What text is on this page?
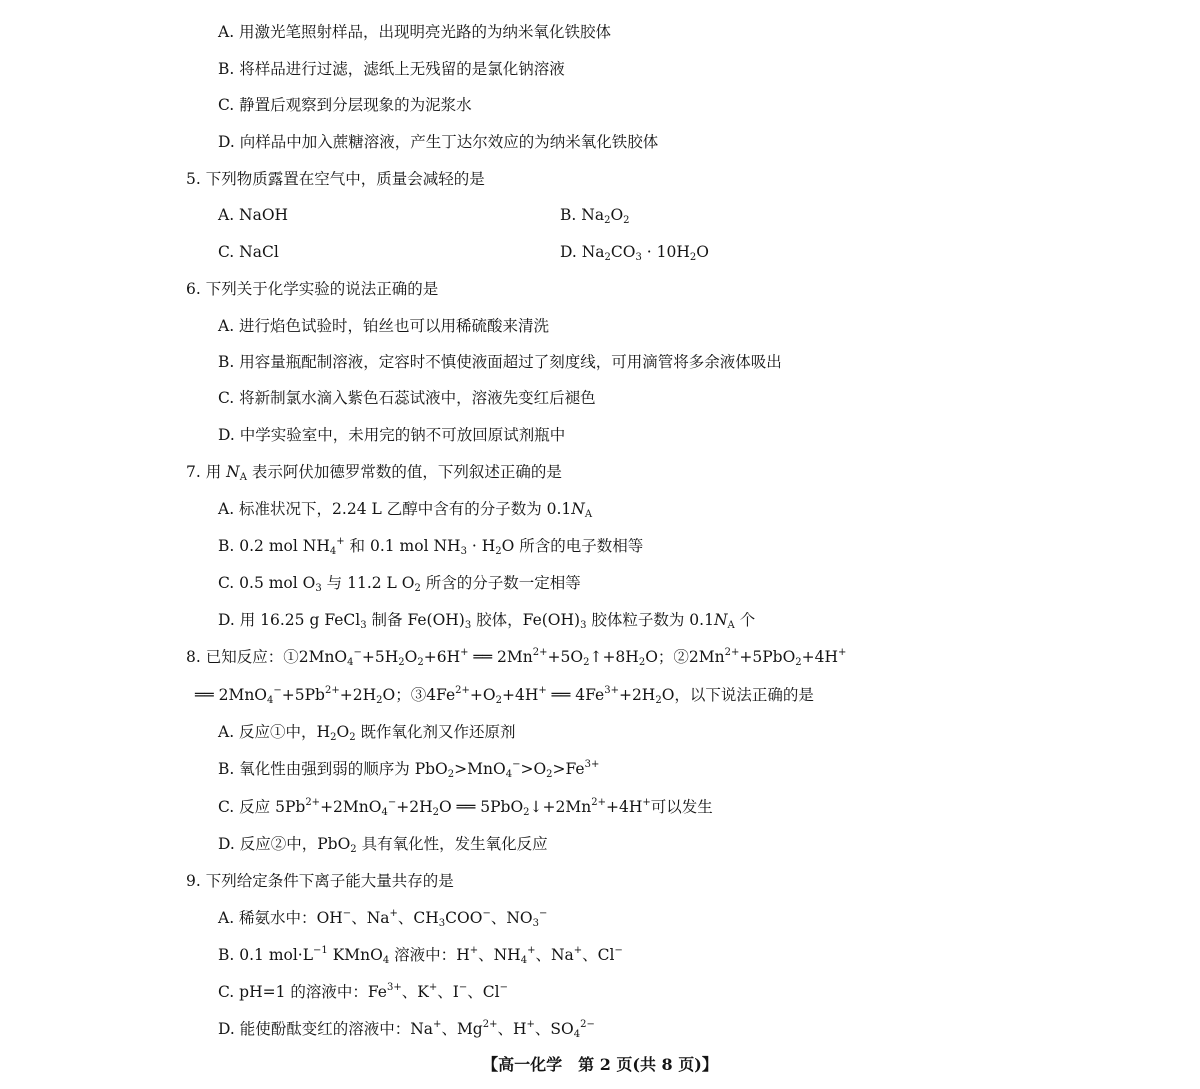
A. 用激光笔照射样品，出现明亮光路的为纳米氧化铁胶体
B. 将样品进行过滤，滤纸上无残留的是氯化钠溶液
C. 静置后观察到分层现象的为泥浆水
D. 向样品中加入蔗糖溶液，产生丁达尔效应的为纳米氧化铁胶体
5. 下列物质露置在空气中，质量会减轻的是
A. NaOH	B. $Na_2O_2$
C. NaCl	D. $Na_2CO_3 \cdot 10H_2O$
6. 下列关于化学实验的说法正确的是
A. 进行焰色试验时，铂丝也可以用稀硫酸来清洗
B. 用容量瓶配制溶液，定容时不慎使液面超过了刻度线，可用滴管将多余液体吸出
C. 将新制氯水滴入紫色石蕊试液中，溶液先变红后褪色
D. 中学实验室中，未用完的钠不可放回原试剂瓶中
7. 用 $N_A$ 表示阿伏加德罗常数的值，下列叙述正确的是
A. 标准状况下，2.24 L 乙醇中含有的分子数为 $0.1N_A$
B. 0.2 mol $NH_4^+$ 和 0.1 mol $NH_3 \cdot H_2O$ 所含的电子数相等
C. 0.5 mol $O_3$ 与 11.2 L $O_2$ 所含的分子数一定相等
D. 用 16.25 g FeCl$_3$ 制备 $Fe(OH)_3$ 胶体，$Fe(OH)_3$ 胶体粒子数为 $0.1N_A$ 个
8. 已知反应：$①2MnO_4^-+5H_2O_2+6H^+$ ══ $2Mn^{2+}+5O_2↑+8H_2O$；$②2Mn^{2+}+5PbO_2+4H^+$
══ $2MnO_4^-+5Pb^{2+}+2H_2O$；$③4Fe^{2+}+O_2+4H^+$ ══ $4Fe^{3+}+2H_2O$，以下说法正确的是
A. 反应①中，$H_2O_2$ 既作氧化剂又作还原剂
B. 氧化性由强到弱的顺序为 $PbO_2>MnO_4^->O_2>Fe^{3+}$
C. 反应 $5Pb^{2+}+2MnO_4^-+2H_2O$ ══ $5PbO_2↓+2Mn^{2+}+4H^+$可以发生
D. 反应②中，PbO$_2$ 具有氧化性，发生氧化反应
9. 下列给定条件下离子能大量共存的是
A. 稀氨水中：OH−、Na+、$CH_3COO^-$、$NO_3^-$
B. 0.1 $mol\cdot L^{-1}$ KMnO$_4$ 溶液中：H+、$NH_4^+$、Na+、Cl−
C. pH=1 的溶液中：$Fe^{3+}$、K+、I−、Cl−
D. 能使酚酞变红的溶液中：Na+、$Mg^{2+}$、H+、$SO_4^{2-}$
【高一化学　第 2 页(共 8 页)】
